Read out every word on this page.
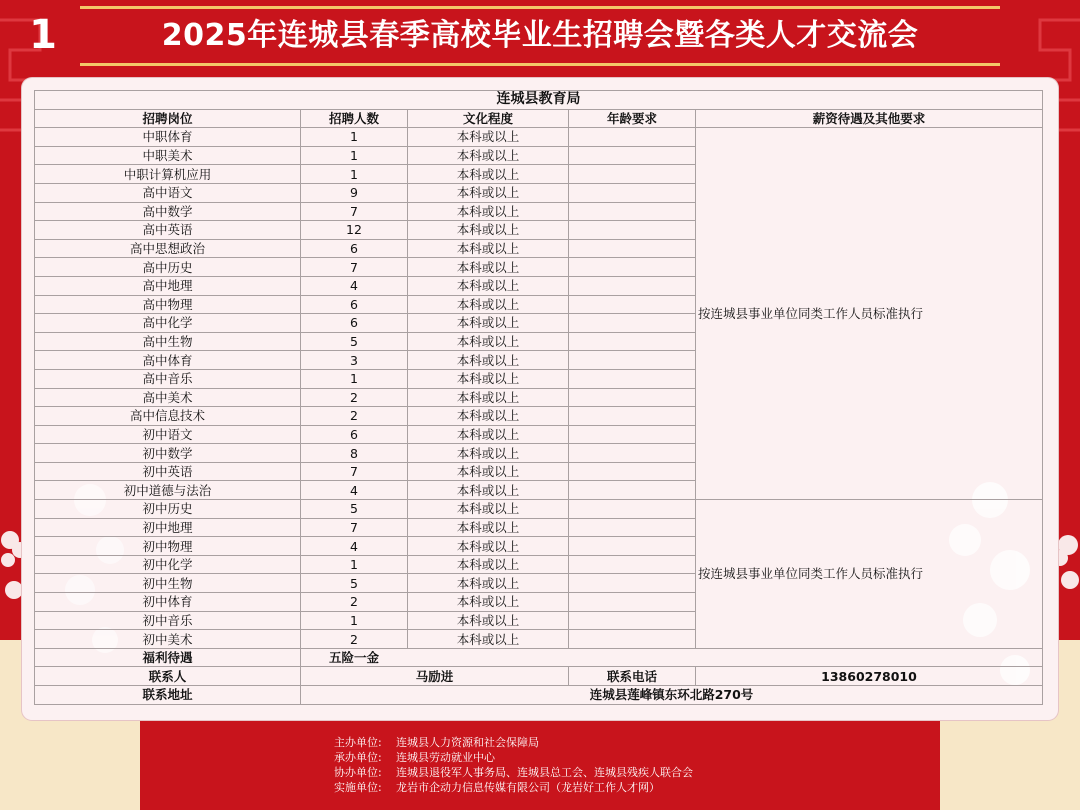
1	2025年连城县春季高校毕业生招聘会暨各类人才交流会
连城县教育局				
招聘岗位	招聘人数	文化程度	年龄要求	薪资待遇及其他要求
中职体育	1	本科或以上		按连城县事业单位同类工作人员标准执行
中职美术	1	本科或以上		
中职计算机应用	1	本科或以上		
高中语文	9	本科或以上		
高中数学	7	本科或以上		
高中英语	12	本科或以上		
高中思想政治	6	本科或以上		
高中历史	7	本科或以上		
高中地理	4	本科或以上		
高中物理	6	本科或以上		
高中化学	6	本科或以上		
高中生物	5	本科或以上		
高中体育	3	本科或以上		
高中音乐	1	本科或以上		
高中美术	2	本科或以上		
高中信息技术	2	本科或以上		
初中语文	6	本科或以上		
初中数学	8	本科或以上		
初中英语	7	本科或以上		
初中道德与法治	4	本科或以上		
初中历史	5	本科或以上		按连城县事业单位同类工作人员标准执行
初中地理	7	本科或以上		
初中物理	4	本科或以上		
初中化学	1	本科或以上		
初中生物	5	本科或以上		
初中体育	2	本科或以上		
初中音乐	1	本科或以上		
初中美术	2	本科或以上		
福利待遇	五险一金			
联系人	马励进		联系电话	13860278010
联系地址	连城县莲峰镇东环北路270号			
主办单位: 连城县人力资源和社会保障局
承办单位: 连城县劳动就业中心
协办单位: 连城县退役军人事务局、连城县总工会、连城县残疾人联合会
实施单位: 龙岩市企动力信息传媒有限公司（龙岩好工作人才网）
